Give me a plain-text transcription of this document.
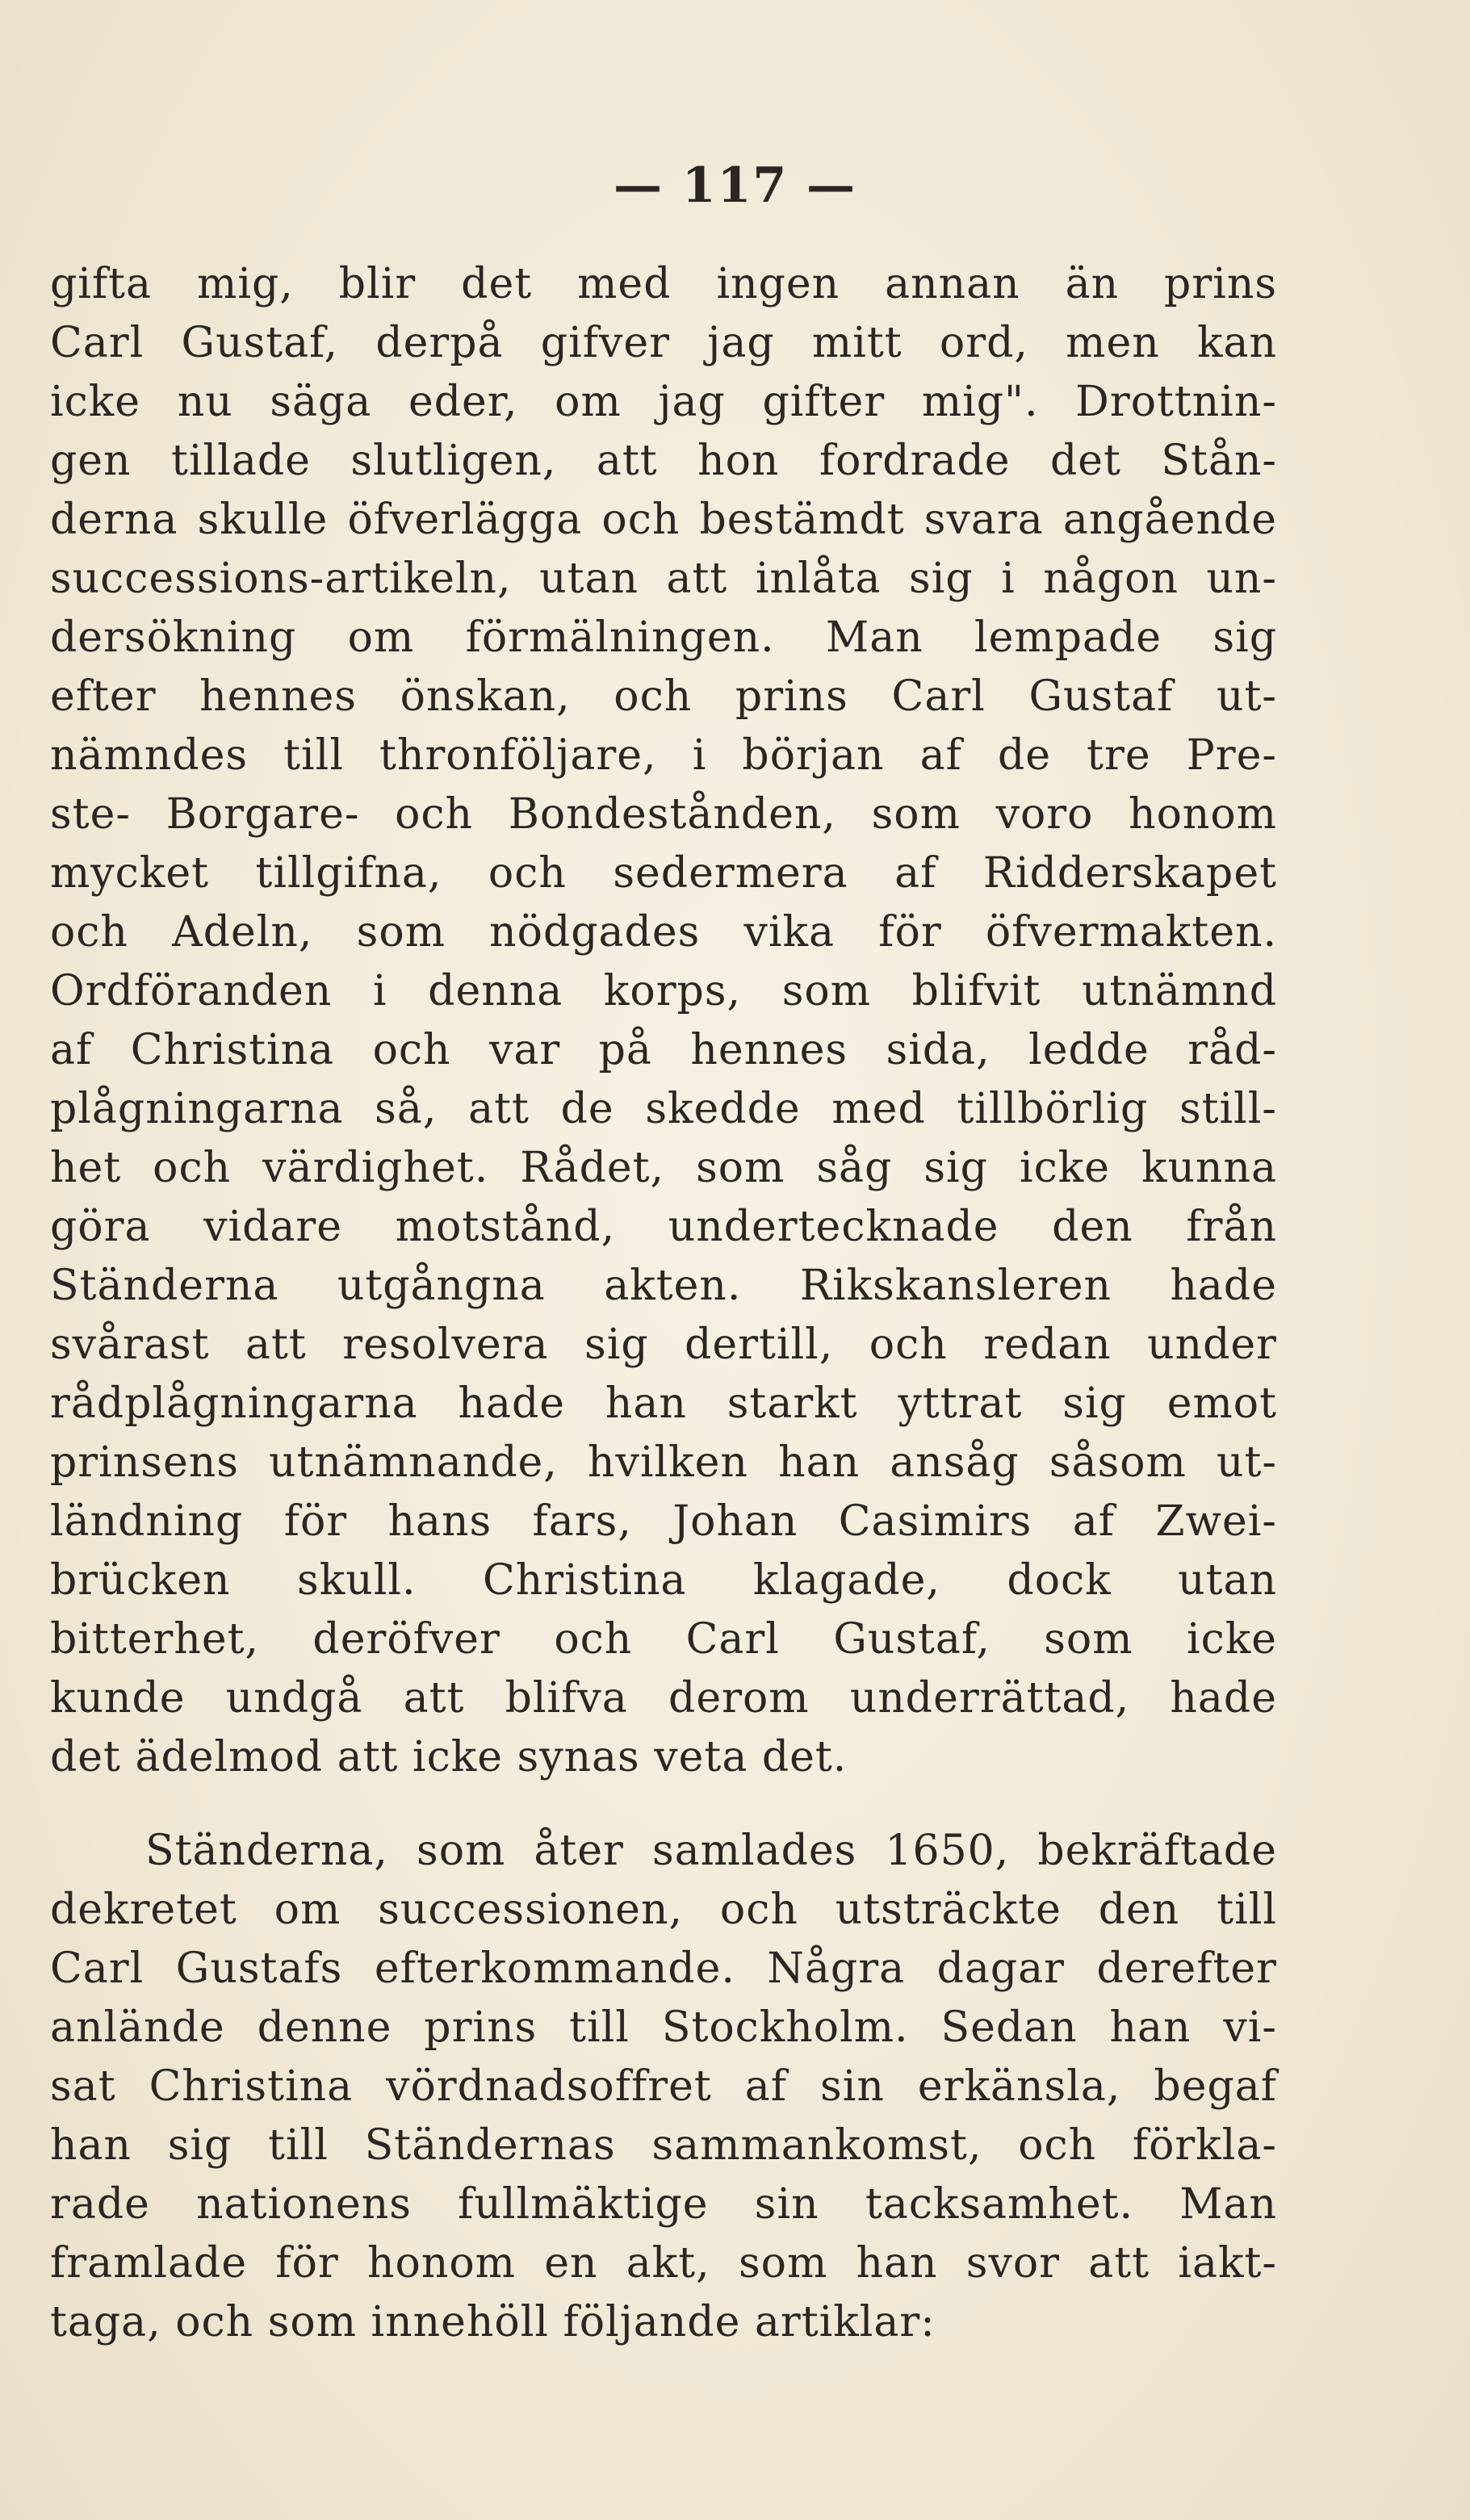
— 117 —
gifta mig, blir det med ingen annan än prins
Carl Gustaf, derpå gifver jag mitt ord, men kan
icke nu säga eder, om jag gifter mig". Drottnin-
gen tillade slutligen, att hon fordrade det Stån-
derna skulle öfverlägga och bestämdt svara angående
successions-artikeln, utan att inlåta sig i någon un-
dersökning om förmälningen. Man lempade sig
efter hennes önskan, och prins Carl Gustaf ut-
nämndes till thronföljare, i början af de tre Pre-
ste- Borgare- och Bondestånden, som voro honom
mycket tillgifna, och sedermera af Ridderskapet
och Adeln, som nödgades vika för öfvermakten.
Ordföranden i denna korps, som blifvit utnämnd
af Christina och var på hennes sida, ledde råd-
plågningarna så, att de skedde med tillbörlig still-
het och värdighet. Rådet, som såg sig icke kunna
göra vidare motstånd, undertecknade den från
Ständerna utgångna akten. Rikskansleren hade
svårast att resolvera sig dertill, och redan under
rådplågningarna hade han starkt yttrat sig emot
prinsens utnämnande, hvilken han ansåg såsom ut-
ländning för hans fars, Johan Casimirs af Zwei-
brücken skull. Christina klagade, dock utan
bitterhet, deröfver och Carl Gustaf, som icke
kunde undgå att blifva derom underrättad, hade
det ädelmod att icke synas veta det.
Ständerna, som åter samlades 1650, bekräftade
dekretet om successionen, och utsträckte den till
Carl Gustafs efterkommande. Några dagar derefter
anlände denne prins till Stockholm. Sedan han vi-
sat Christina vördnadsoffret af sin erkänsla, begaf
han sig till Ständernas sammankomst, och förkla-
rade nationens fullmäktige sin tacksamhet. Man
framlade för honom en akt, som han svor att iakt-
taga, och som innehöll följande artiklar:
